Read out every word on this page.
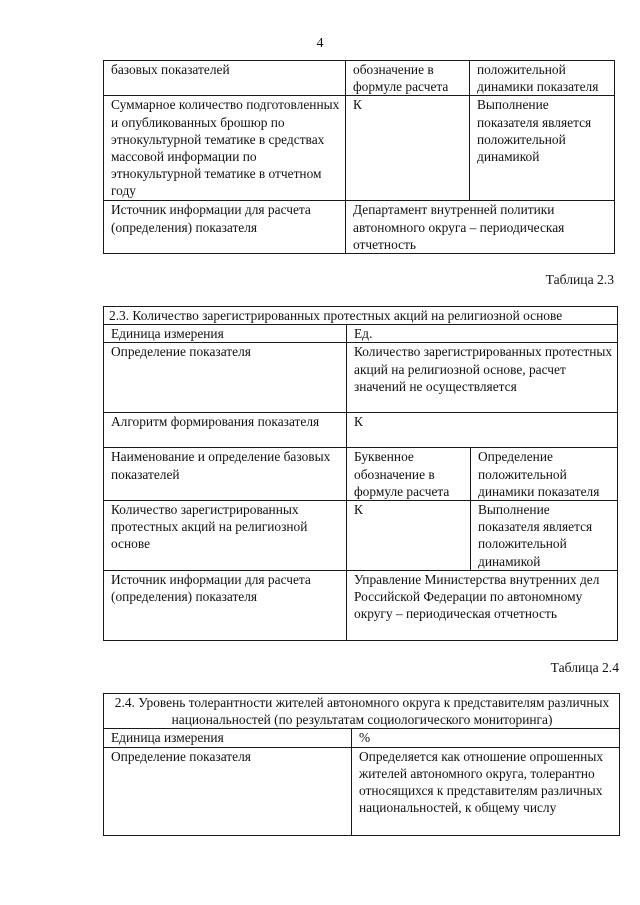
4
базовых показателей	обозначение в формуле расчета	положительной динамики показателя
Суммарное количество подготовленных и опубликованных брошюр по этнокультурной тематике в средствах массовой информации по этнокультурной тематике в отчетном году	К	Выполнение показателя является положительной динамикой
Источник информации для расчета (определения) показателя	Департамент внутренней политики автономного округа – периодическая отчетность	
Таблица 2.3
2.3. Количество зарегистрированных протестных акций на религиозной основе		
Единица измерения	Ед.	
Определение показателя	Количество зарегистрированных протестных акций на религиозной основе, расчет значений не осуществляется	
Алгоритм формирования показателя	К	
Наименование и определение базовых показателей	Буквенное обозначение в формуле расчета	Определение положительной динамики показателя
Количество зарегистрированных протестных акций на религиозной основе	К	Выполнение показателя является положительной динамикой
Источник информации для расчета (определения) показателя	Управление Министерства внутренних дел Российской Федерации по автономному округу – периодическая отчетность	
Таблица 2.4
2.4. Уровень толерантности жителей автономного округа к представителям различных национальностей (по результатам социологического мониторинга)	
Единица измерения	%
Определение показателя	Определяется как отношение опрошенных жителей автономного округа, толерантно относящихся к представителям различных национальностей, к общему числу
